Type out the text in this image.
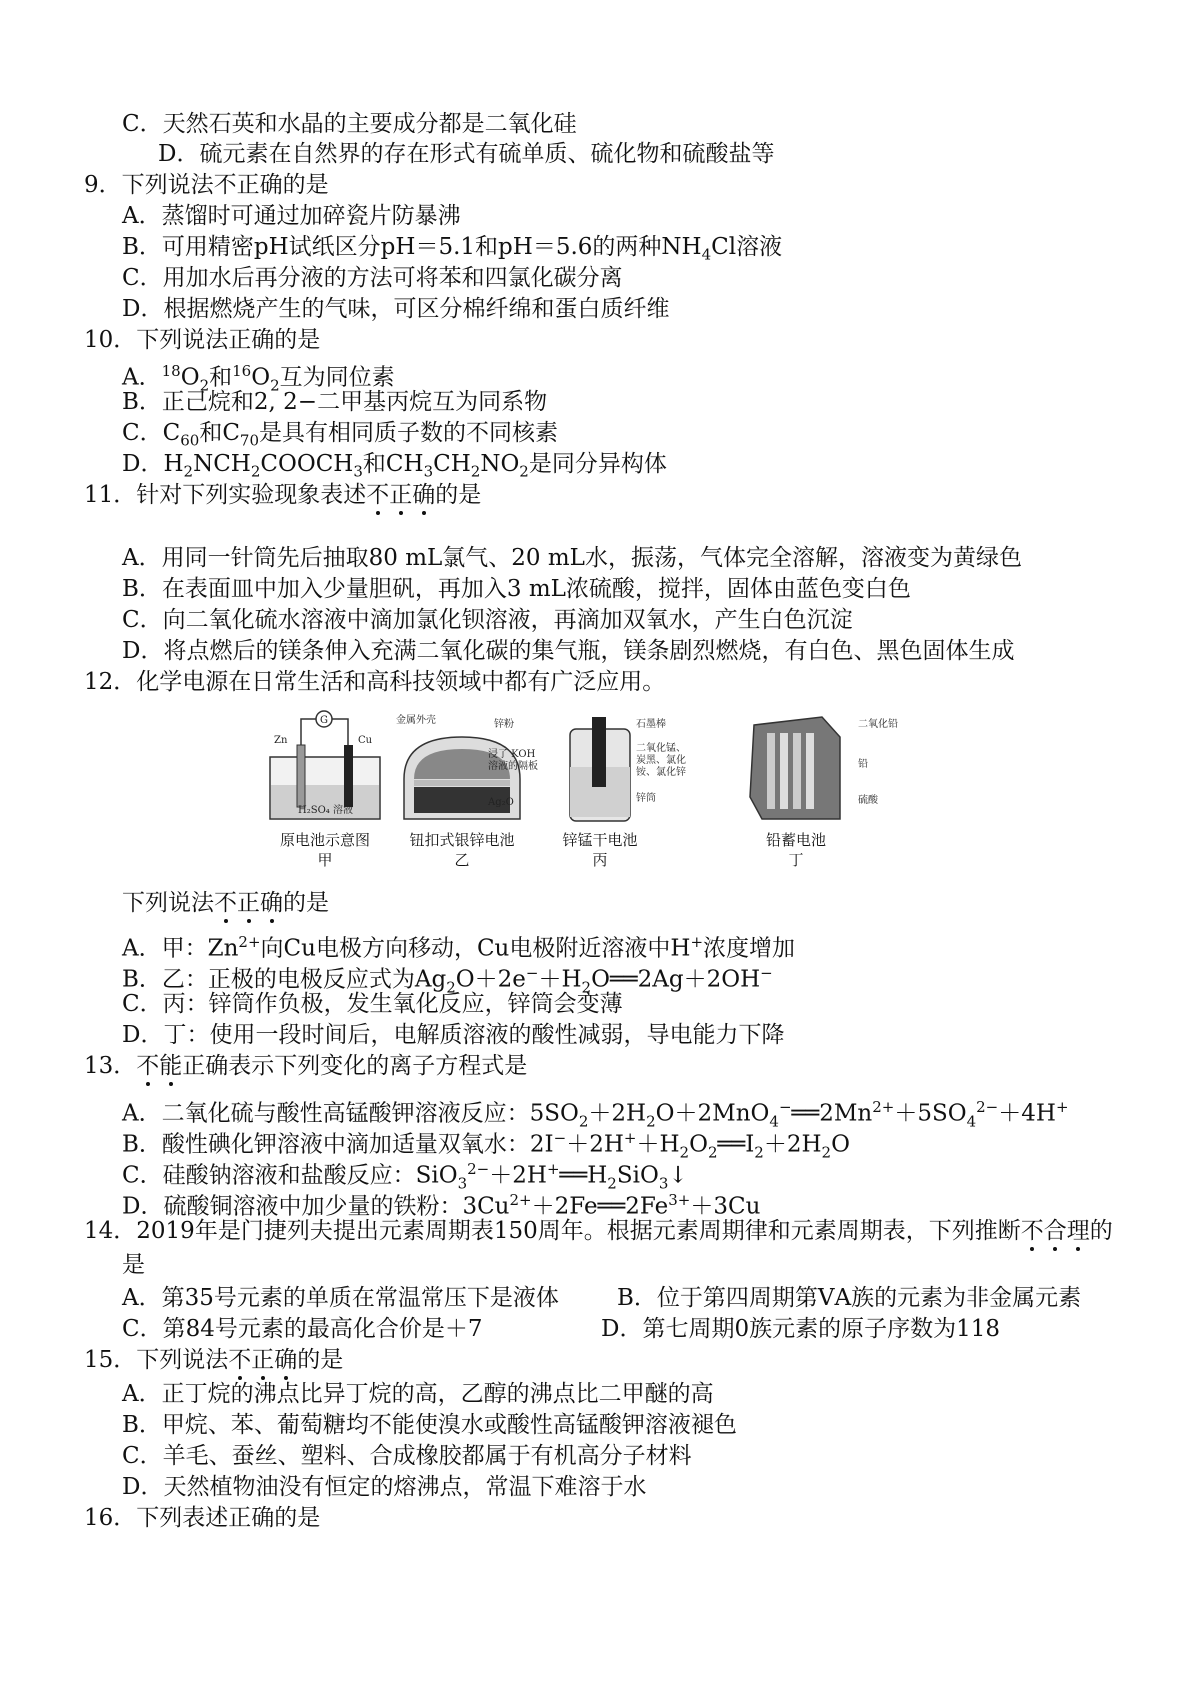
C．天然石英和水晶的主要成分都是二氧化硅
D．硫元素在自然界的存在形式有硫单质、硫化物和硫酸盐等
9．下列说法不正确的是
A．蒸馏时可通过加碎瓷片防暴沸
B．可用精密pH试纸区分pH＝5.1和pH＝5.6的两种$NH_4Cl$溶液
C．用加水后再分液的方法可将苯和四氯化碳分离
D．根据燃烧产生的气味，可区分棉纤绵和蛋白质纤维
10．下列说法正确的是
A．$^{18}O_2$和$^{16}O_2$互为同位素
B．正己烷和2, 2−二甲基丙烷互为同系物
C．$C_{60}$和$C_{70}$是具有相同质子数的不同核素
D．$H_2NCH_2COOCH_3$和$CH_3CH_2NO_2$是同分异构体
11．针对下列实验现象表述不正确的是
A．用同一针筒先后抽取80 mL氯气、20 mL水，振荡，气体完全溶解，溶液变为黄绿色
B．在表面皿中加入少量胆矾，再加入3 mL浓硫酸，搅拌，固体由蓝色变白色
C．向二氧化硫水溶液中滴加氯化钡溶液，再滴加双氧水，产生白色沉淀
D．将点燃后的镁条伸入充满二氧化碳的集气瓶，镁条剧烈燃烧，有白色、黑色固体生成
12．化学电源在日常生活和高科技领域中都有广泛应用。
G
Zn	Cu
H₂SO₄ 溶液
金属外壳	锌粉
浸了 KOH
溶液的隔板
Ag₂O
石墨棒
二氧化锰、
炭黑、氯化
铵、氯化锌
锌筒
二氧化铅
铅
硫酸
原电池示意图
甲
钮扣式银锌电池
乙
锌锰干电池
丙
铅蓄电池
丁
下列说法不正确的是
A．甲：$Zn^{2+}$向Cu电极方向移动，Cu电极附近溶液中H+浓度增加
B．乙：正极的电极反应式为$Ag_2O+2e^-+H_2O══2Ag+2OH^-$
C．丙：锌筒作负极，发生氧化反应，锌筒会变薄
D．丁：使用一段时间后，电解质溶液的酸性减弱，导电能力下降
13．不能正确表示下列变化的离子方程式是
A．二氧化硫与酸性高锰酸钾溶液反应：$5SO_2+2H_2O+2MnO_4^-══2Mn^{2+}+5SO_4^{2-}+4H^+$
B．酸性碘化钾溶液中滴加适量双氧水：$2I^-+2H^++H_2O_2══I_2+2H_2O$
C．硅酸钠溶液和盐酸反应：$SiO_3^{2-}+2H^+══H_2SiO_3↓$
D．硫酸铜溶液中加少量的铁粉：$3Cu^{2+}+2Fe══2Fe^{3+}+3Cu$
14．2019年是门捷列夫提出元素周期表150周年。根据元素周期律和元素周期表，下列推断不合理的
是
A．第35号元素的单质在常温常压下是液体	B．位于第四周期第ⅤA族的元素为非金属元素
C．第84号元素的最高化合价是＋7	D．第七周期0族元素的原子序数为118
15．下列说法不正确的是
A．正丁烷的沸点比异丁烷的高，乙醇的沸点比二甲醚的高
B．甲烷、苯、葡萄糖均不能使溴水或酸性高锰酸钾溶液褪色
C．羊毛、蚕丝、塑料、合成橡胶都属于有机高分子材料
D．天然植物油没有恒定的熔沸点，常温下难溶于水
16．下列表述正确的是
